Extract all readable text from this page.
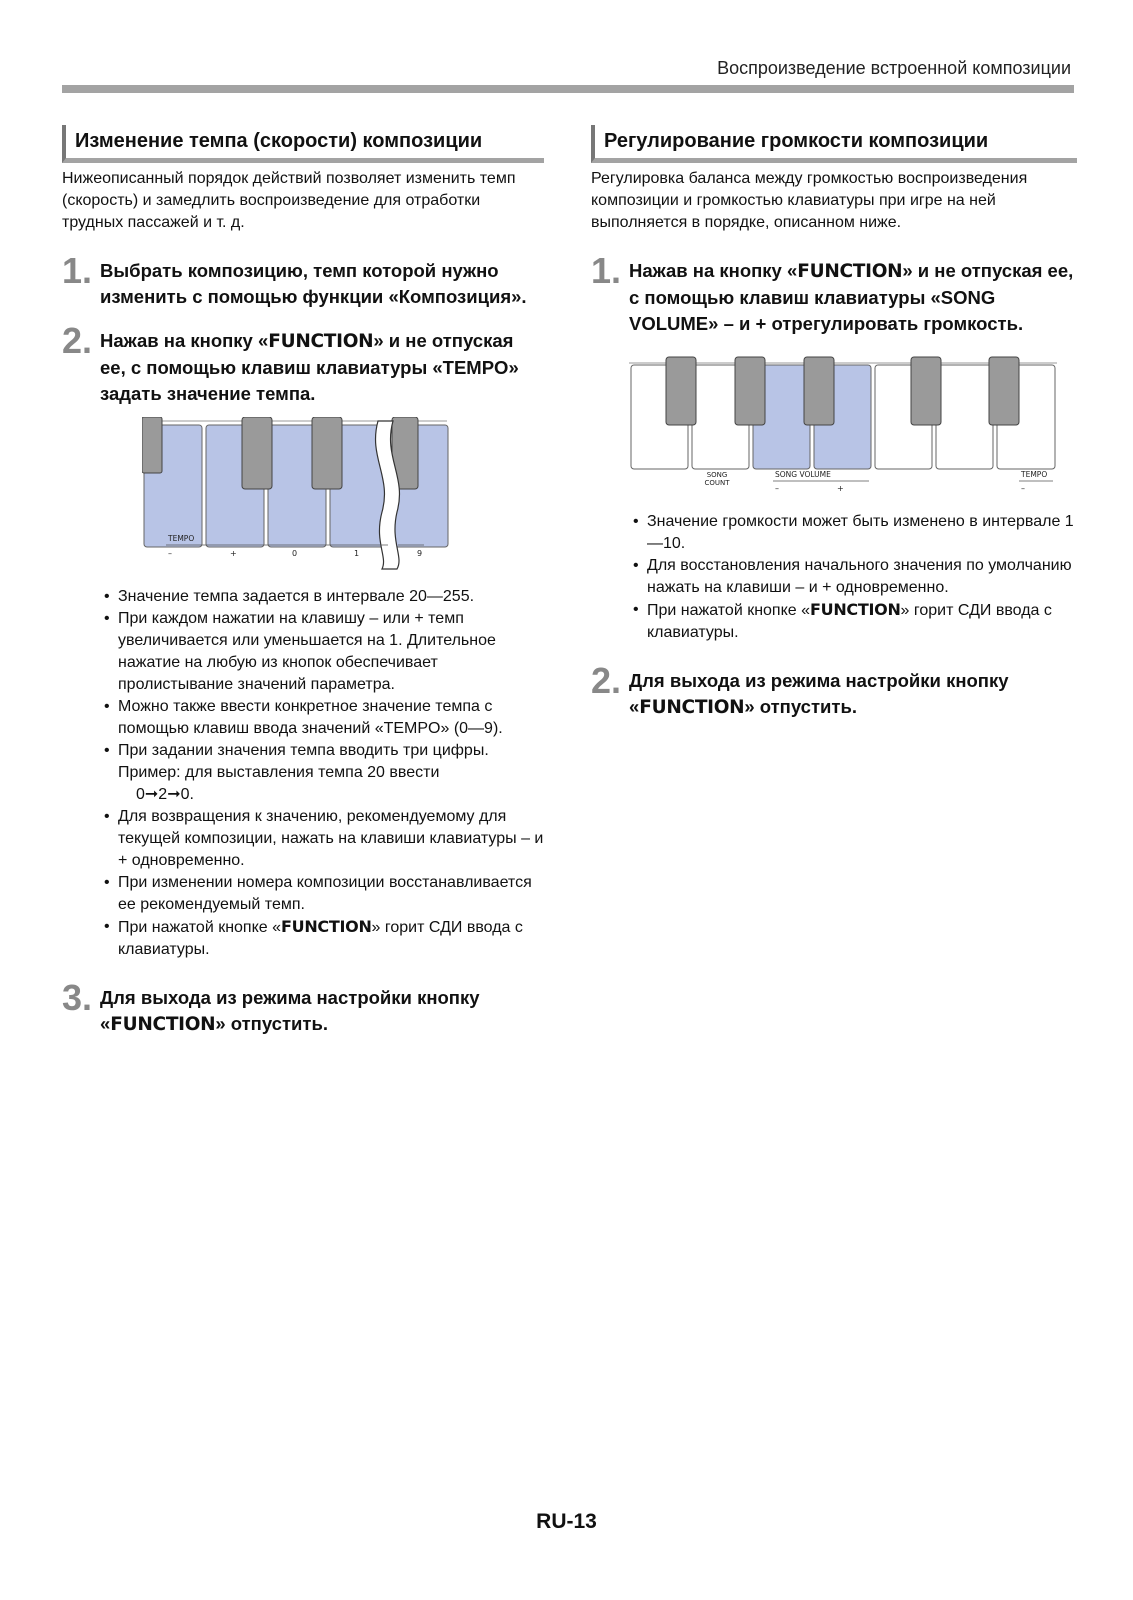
Воспроизведение встроенной композиции
Изменение темпа (скорости) композиции
Нижеописанный порядок действий позволяет изменить темп (скорость) и замедлить воспроизведение для отработки трудных пассажей и т. д.
1. Выбрать композицию, темп которой нужно изменить с помощью функции «Композиция».
2. Нажав на кнопку «FUNCTION» и не отпуская ее, с помощью клавиш клавиатуры «TEMPO» задать значение темпа.
TEMPO
–	+	0	1	9
• Значение темпа задается в интервале 20—255.
• При каждом нажатии на клавишу – или + темп увеличивается или уменьшается на 1. Длительное нажатие на любую из кнопок обеспечивает пролистывание значений параметра.
• Можно также ввести конкретное значение темпа с помощью клавиш ввода значений «TEMPO» (0—9).
• При задании значения темпа вводить три цифры. Пример: для выставления темпа 20 ввести
0➞2➞0.
• Для возвращения к значению, рекомендуемому для текущей композиции, нажать на клавиши клавиатуры – и + одновременно.
• При изменении номера композиции восстанавливается ее рекомендуемый темп.
• При нажатой кнопке «FUNCTION» горит СДИ ввода с клавиатуры.
3. Для выхода из режима настройки кнопку «FUNCTION» отпустить.
Регулирование громкости композиции
Регулировка баланса между громкостью воспроизведения композиции и громкостью клавиатуры при игре на ней выполняется в порядке, описанном ниже.
1. Нажав на кнопку «FUNCTION» и не отпуская ее, с помощью клавиш клавиатуры «SONG VOLUME» – и + отрегулировать громкость.
SONG COUNT
SONG VOLUME
–	+
TEMPO
–
• Значение громкости может быть изменено в интервале 1—10.
• Для восстановления начального значения по умолчанию нажать на клавиши – и + одновременно.
• При нажатой кнопке «FUNCTION» горит СДИ ввода с клавиатуры.
2. Для выхода из режима настройки кнопку «FUNCTION» отпустить.
RU-13
